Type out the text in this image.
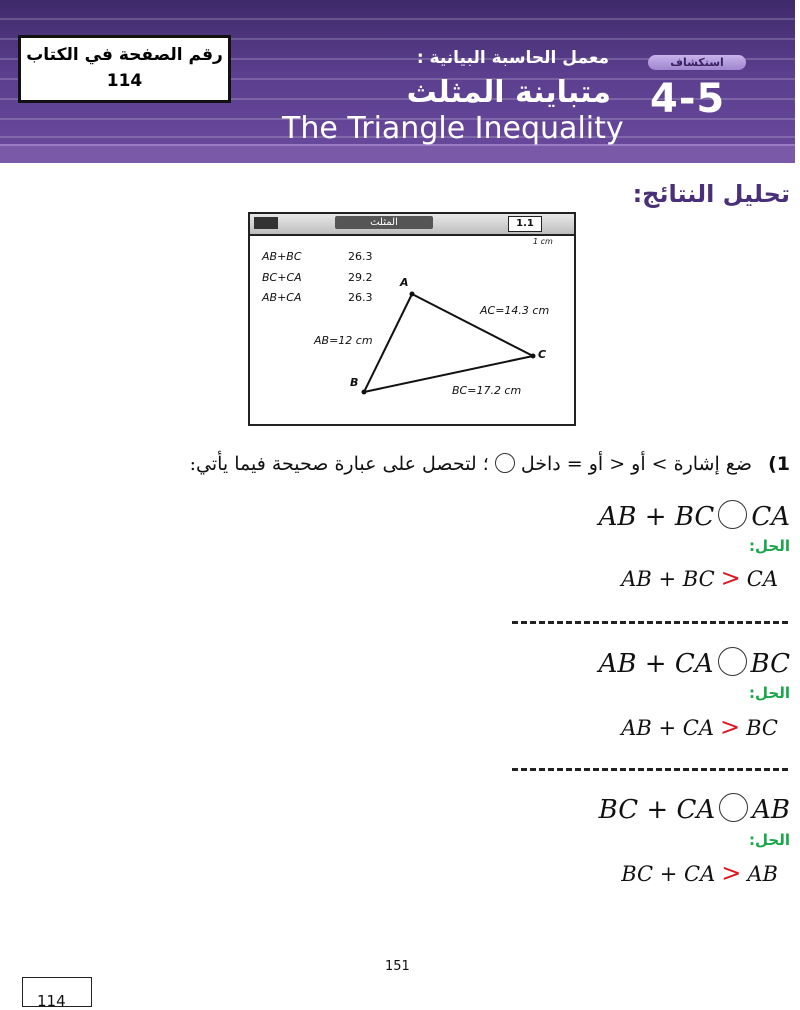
رقم الصفحة في الكتاب
114
استكشاف
4-5
معمل الحاسبة البيانية :
متباينة المثلث
The Triangle Inequality
تحليل النتائج:
المثلث	1.1
1 cm
AB+BC	26.3
BC+CA	29.2
AB+CA	26.3
A
B
C
AB=12 cm
AC=14.3 cm
BC=17.2 cm
1) ضع إشارة > أو < أو = داخل  ؛ لتحصل على عبارة صحيحة فيما يأتي:
AB + BC CA
الحل:
AB + BC > CA
AB + CA BC
الحل:
AB + CA > BC
BC + CA AB
الحل:
BC + CA > AB
151
114
